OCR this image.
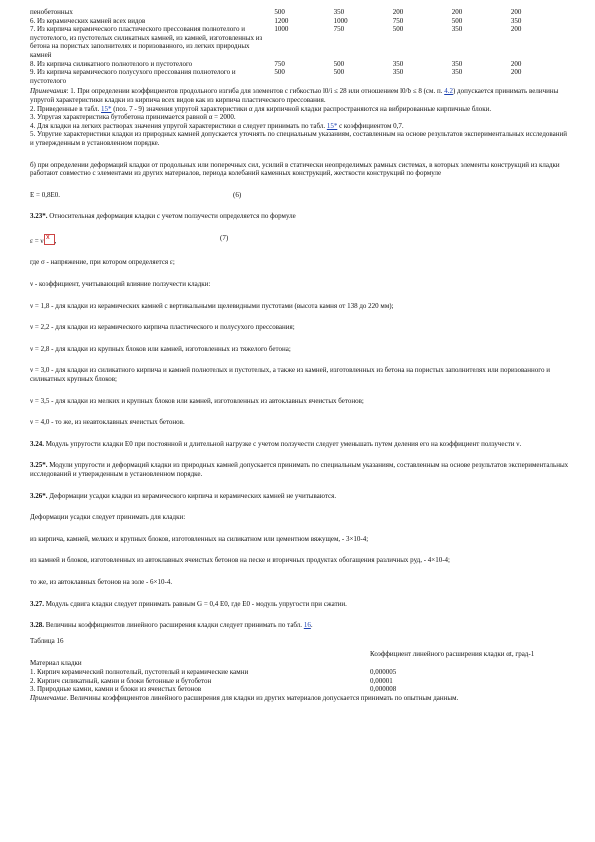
пенобетонных	500	350	200	200	200
6. Из керамических камней всех видов	1200	1000	750	500	350
7. Из кирпича керамического пластического прессования полнотелого и пустотелого, из пустотелых силикатных камней, из камней, изготовленных из бетона на пористых заполнителях и поризованного, из легких природных камней	1000	750	500	350	200
8. Из кирпича силикатного полнотелого и пустотелого	750	500	350	350	200
9. Из кирпича керамического полусухого прессования полнотелого и пустотелого	500	500	350	350	200

Примечания: 1. При определении коэффициентов продольного изгиба для элементов с гибкостью l0/i ≤ 28 или отношением l0/b ≤ 8 (см. п. 4.2) допускается принимать величины упругой характеристики кладки из кирпича всех видов как из кирпича пластического прессования.

2. Приведенные в табл. 15* (поз. 7 - 9) значения упругой характеристики α для кирпичной кладки распространяются на вибрированные кирпичные блоки.

3. Упругая характеристика бутобетона принимается равной α = 2000.

4. Для кладки на легких растворах значения упругой характеристики α следует принимать по табл. 15* с коэффициентом 0,7.

5. Упругие характеристики кладки из природных камней допускается уточнять по специальным указаниям, составленным на основе результатов экспериментальных исследований и утвержденным в установленном порядке.

б) при определении деформаций кладки от продольных или поперечных сил, усилий в статически неопределимых рамных системах, в которых элементы конструкций из кладки работают совместно с элементами из других материалов, периода колебаний каменных конструкций, жесткости конструкций по формуле

E = 0,8E0.	(6)

3.23*. Относительная деформация кладки с учетом ползучести определяется по формуле

ε = ν x ,	(7)

где σ - напряжение, при котором определяется ε;

ν - коэффициент, учитывающий влияние ползучести кладки:

ν = 1,8 - для кладки из керамических камней с вертикальными щелевидными пустотами (высота камня от 138 до 220 мм);

ν = 2,2 - для кладки из керамического кирпича пластического и полусухого прессования;

ν = 2,8 - для кладки из крупных блоков или камней, изготовленных из тяжелого бетона;

ν = 3,0 - для кладки из силикатного кирпича и камней полнотелых и пустотелых, а также из камней, изготовленных из бетона на пористых заполнителях или поризованного и силикатных крупных блоков;

ν = 3,5 - для кладки из мелких и крупных блоков или камней, изготовленных из автоклавных ячеистых бетонов;

ν = 4,0 - то же, из неавтоклавных ячеистых бетонов.

3.24. Модуль упругости кладки E0 при постоянной и длительной нагрузке с учетом ползучести следует уменьшать путем деления его на коэффициент ползучести ν.

3.25*. Модули упругости и деформаций кладки из природных камней допускается принимать по специальным указаниям, составленным на основе результатов экспериментальных исследований и утвержденным в установленном порядке.

3.26*. Деформации усадки кладки из керамического кирпича и керамических камней не учитываются.

Деформации усадки следует принимать для кладки:

из кирпича, камней, мелких и крупных блоков, изготовленных на силикатном или цементном вяжущем, - 3×10-4;

из камней и блоков, изготовленных из автоклавных ячеистых бетонов на песке и вторичных продуктах обогащения различных руд, - 4×10-4;

то же, из автоклавных бетонов на золе - 6×10-4.

3.27. Модуль сдвига кладки следует принимать равным G = 0,4 E0, где E0 - модуль упругости при сжатии.

3.28. Величины коэффициентов линейного расширения кладки следует принимать по табл. 16.

Таблица 16

Материал кладки	Коэффициент линейного расширения кладки αt, град-1
1. Кирпич керамический полнотелый, пустотелый и керамические камни	0,000005
2. Кирпич силикатный, камни и блоки бетонные и бутобетон	0,00001
3. Природные камни, камни и блоки из ячеистых бетонов	0,000008

Примечание. Величины коэффициентов линейного расширения для кладки из других материалов допускается принимать по опытным данным.
